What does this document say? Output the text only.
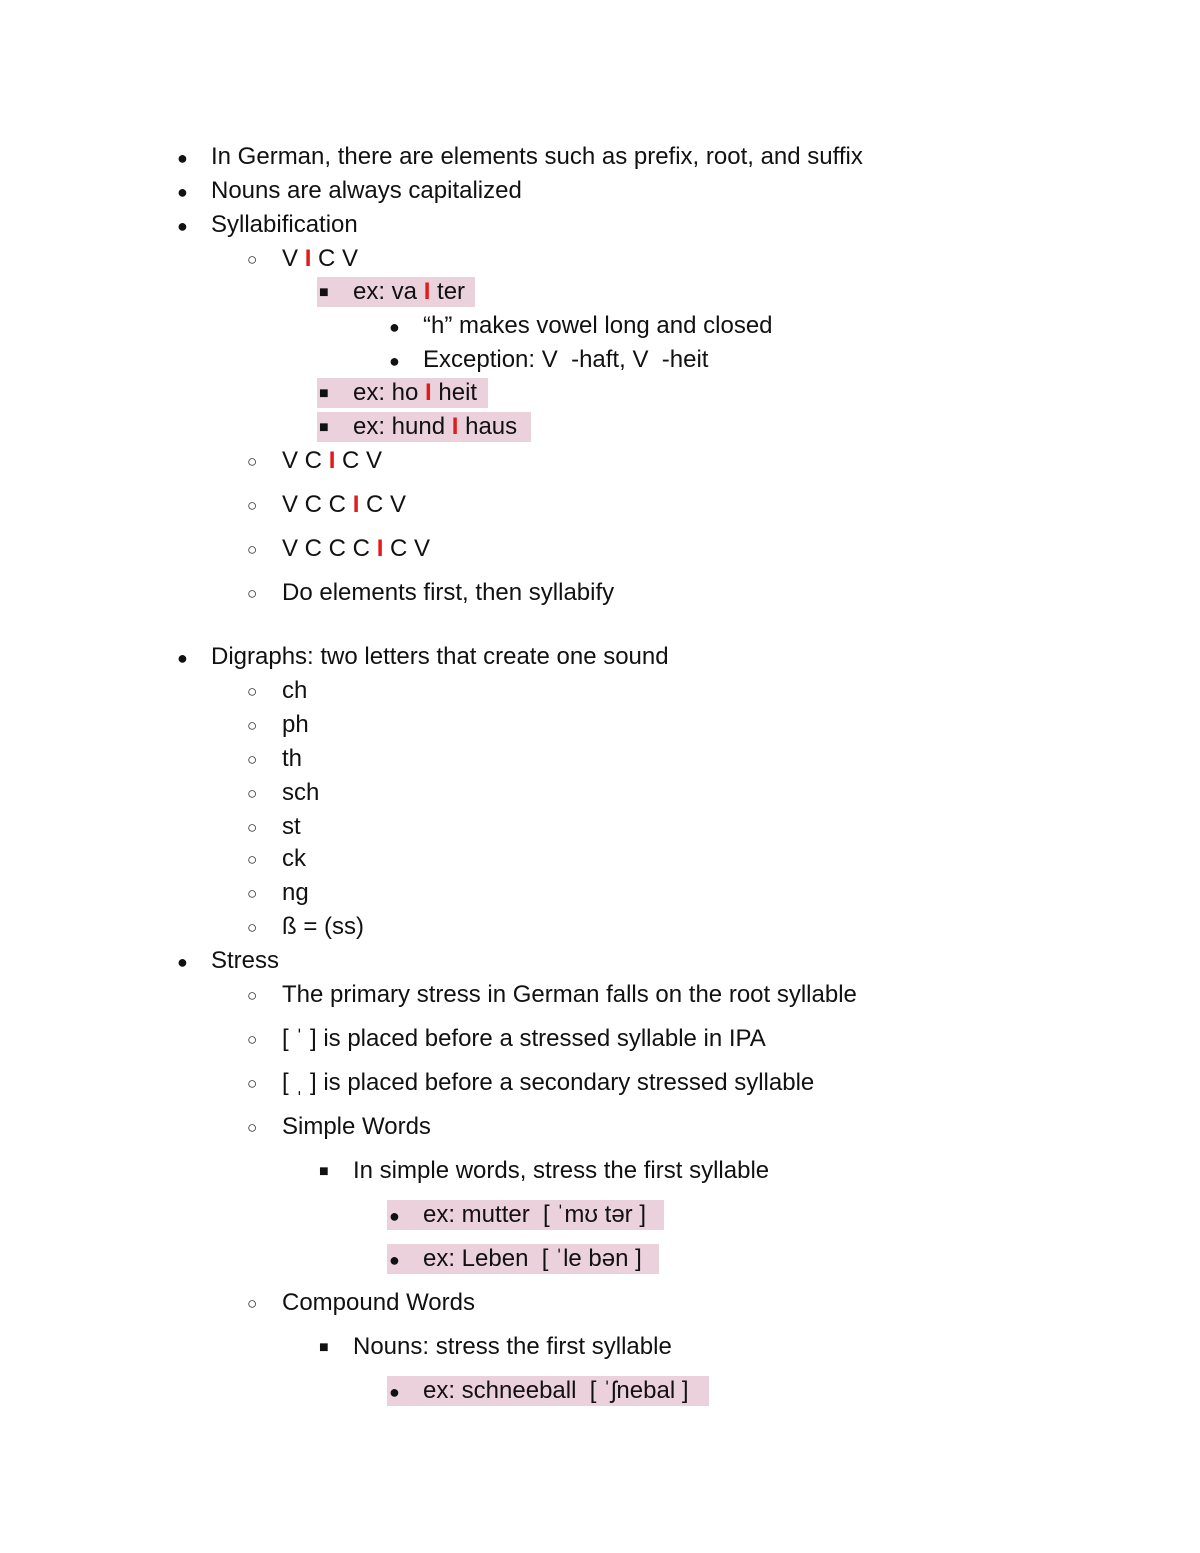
● In German, there are elements such as prefix, root, and suffix
● Nouns are always capitalized
● Syllabification
○ V I C V
■ ex: va I ter
● “h” makes vowel long and closed
● Exception: V  -haft, V  -heit
■ ex: ho I heit
■ ex: hund I haus
○ V C I C V
○ V C C I C V
○ V C C C I C V
○ Do elements first, then syllabify
● Digraphs: two letters that create one sound
○ ch
○ ph
○ th
○ sch
○ st
○ ck
○ ng
○ ß = (ss)
● Stress
○ The primary stress in German falls on the root syllable
○ [ ˈ ] is placed before a stressed syllable in IPA
○ [ ˌ ] is placed before a secondary stressed syllable
○ Simple Words
■ In simple words, stress the first syllable
● ex: mutter  [ ˈmʊ tər ]
● ex: Leben  [ ˈle bən ]
○ Compound Words
■ Nouns: stress the first syllable
● ex: schneeball  [ ˈʃnebal ]
